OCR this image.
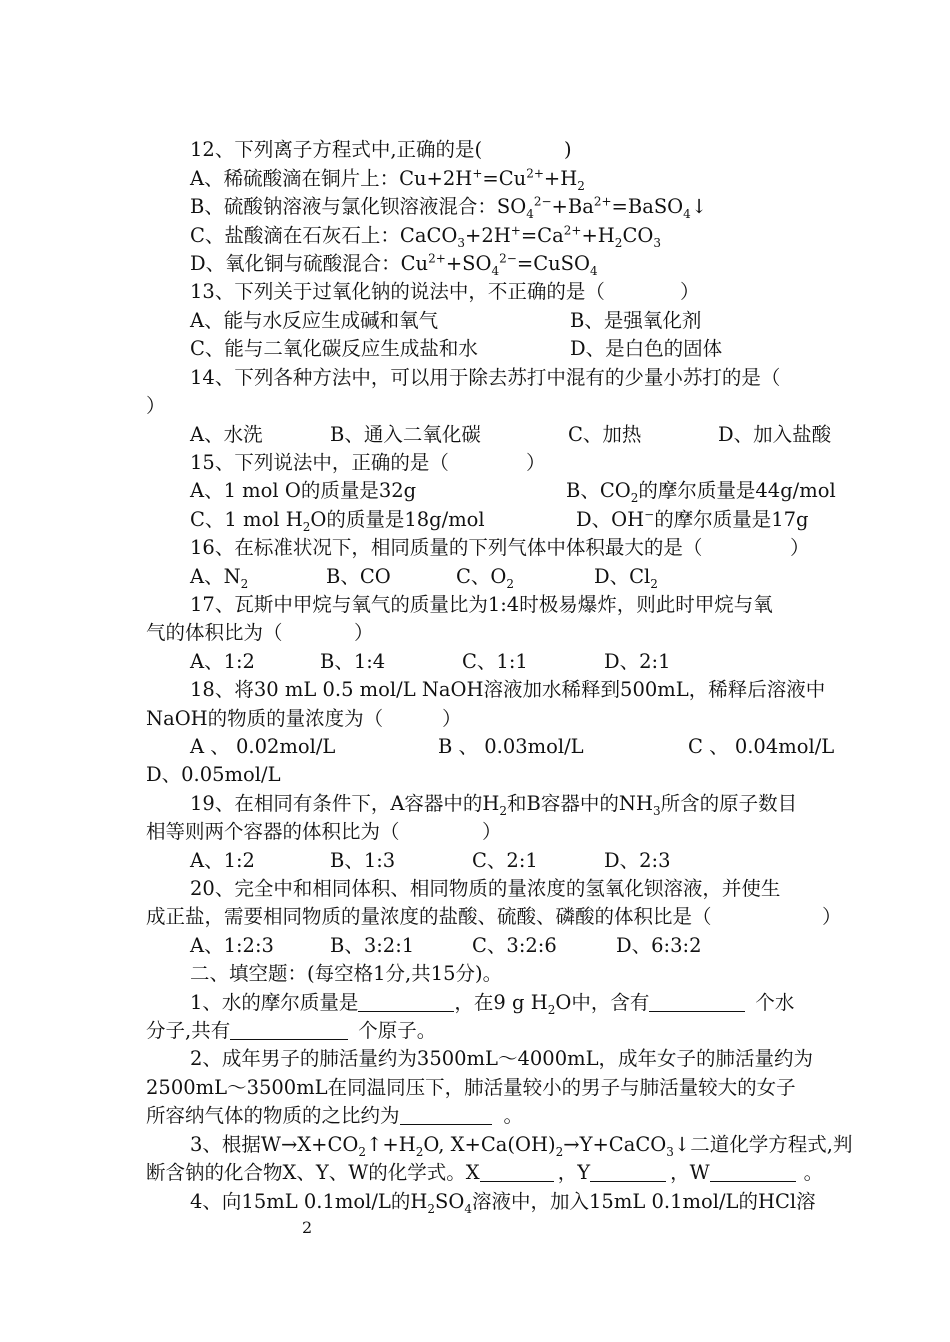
12、下列离子方程式中,正确的是(	)
A、稀硫酸滴在铜片上：$Cu+2H^+=Cu^{2+}+H_2$
B、硫酸钠溶液与氯化钡溶液混合：$SO_4^{2-}+Ba^{2+}=BaSO_4↓$
C、盐酸滴在石灰石上：$CaCO_3+2H^+=Ca^{2+}+H_2CO_3$
D、氧化铜与硫酸混合：$Cu^{2+}+SO_4^{2-}=CuSO_4$
13、下列关于过氧化钠的说法中，不正确的是（	）
A、能与水反应生成碱和氧气	B、是强氧化剂
C、能与二氧化碳反应生成盐和水	D、是白色的固体
14、下列各种方法中，可以用于除去苏打中混有的少量小苏打的是（
）
A、水洗	B、通入二氧化碳	C、加热	D、加入盐酸
15、下列说法中，正确的是（	）
A、1 mol O的质量是32g	B、$CO_2$的摩尔质量是44g/mol
C、1 mol $H_2O$的质量是18g/mol	D、OH−的摩尔质量是17g
16、在标准状况下，相同质量的下列气体中体积最大的是（	）
A、$N_2$	B、CO	C、$O_2$	D、$Cl_2$
17、瓦斯中甲烷与氧气的质量比为1:4时极易爆炸，则此时甲烷与氧
气的体积比为（	）
A、1:2	B、1:4	C、1:1	D、2:1
18、将30 mL 0.5 mol/L NaOH溶液加水稀释到500mL，稀释后溶液中
NaOH的物质的量浓度为（	）
A 、 0.02mol/L	B 、 0.03mol/L	C 、 0.04mol/L
D、0.05mol/L
19、在相同有条件下，A容器中的$H_2$和B容器中的$NH_3$所含的原子数目
相等则两个容器的体积比为（	）
A、1:2	B、1:3	C、2:1	D、2:3
20、完全中和相同体积、相同物质的量浓度的氢氧化钡溶液，并使生
成正盐，需要相同物质的量浓度的盐酸、硫酸、磷酸的体积比是（	）
A、1:2:3	B、3:2:1	C、3:2:6	D、6:3:2
二、填空题：(每空格1分,共15分)。
1、水的摩尔质量是	，在9 g $H_2O$中，含有	个水
分子,共有	个原子。
2、成年男子的肺活量约为3500mL～4000mL，成年女子的肺活量约为
2500mL～3500mL在同温同压下，肺活量较小的男子与肺活量较大的女子
所容纳气体的物质的之比约为	。
3、根据$W\to X+CO_2↑+H_2O$, $X+Ca(OH)_2\to Y+CaCO_3↓$二道化学方程式,判
断含钠的化合物X、Y、W的化学式。X	，Y	，W	。
4、向15mL 0.1mol/L的$H_2SO_4$溶液中，加入15mL 0.1mol/L的HCl溶
2
